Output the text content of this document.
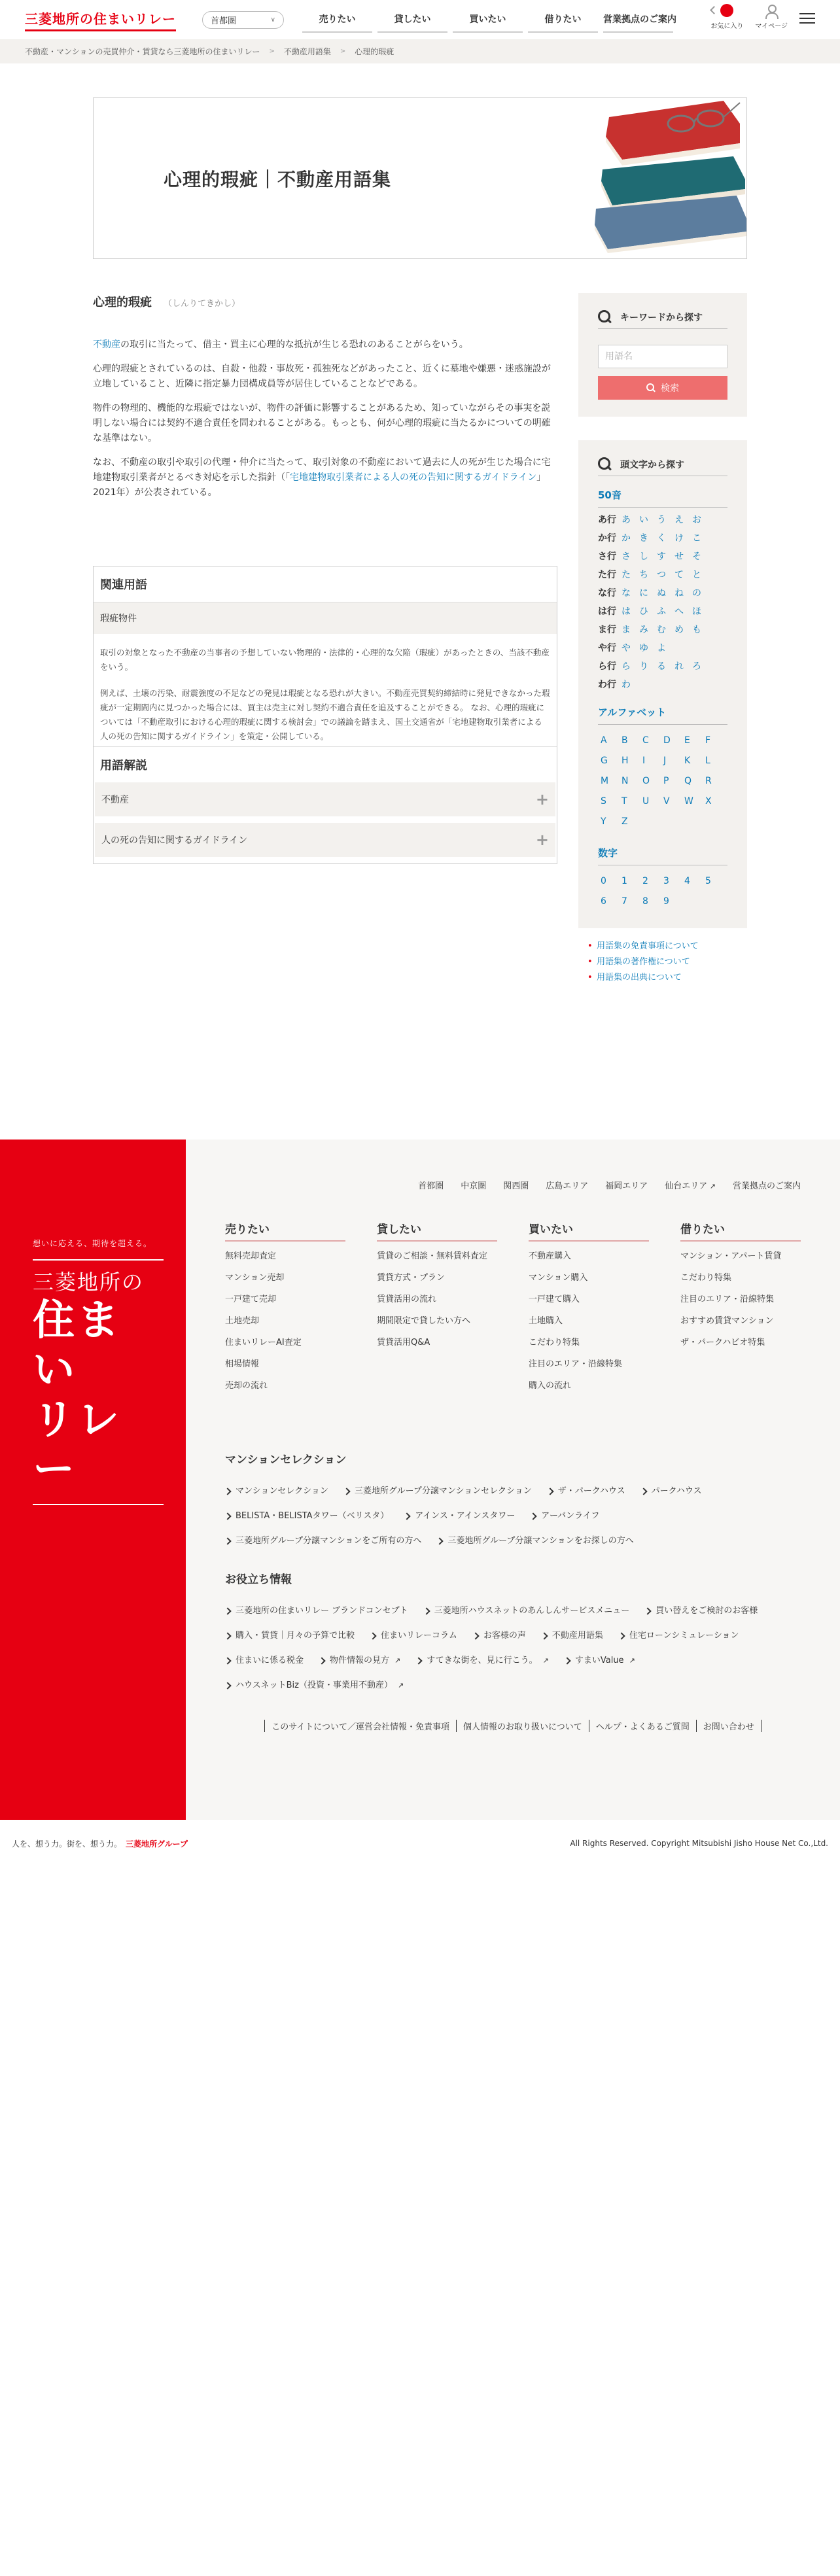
三菱地所の住まいリレー	首都圏	∨	売りたい	貸したい	買いたい	借りたい	営業拠点のご案内
お気に入り マイページ
不動産・マンションの売買仲介・賃貸なら三菱地所の住まいリレー > 不動産用語集 > 心理的瑕疵
心理的瑕疵｜不動産用語集
心理的瑕疵 （しんりてきかし）

不動産の取引に当たって、借主・買主に心理的な抵抗が生じる恐れのあることがらをいう。

心理的瑕疵とされているのは、自殺・他殺・事故死・孤独死などがあったこと、近くに墓地や嫌悪・迷惑施設が立地していること、近隣に指定暴力団構成員等が居住していることなどである。

物件の物理的、機能的な瑕疵ではないが、物件の評価に影響することがあるため、知っていながらその事実を説明しない場合には契約不適合責任を問われることがある。もっとも、何が心理的瑕疵に当たるかについての明確な基準はない。

なお、不動産の取引や取引の代理・仲介に当たって、取引対象の不動産において過去に人の死が生じた場合に宅地建物取引業者がとるべき対応を示した指針（「宅地建物取引業者による人の死の告知に関するガイドライン」2021年）が公表されている。

関連用語
瑕疵物件

取引の対象となった不動産の当事者の予想していない物理的・法律的・心理的な欠陥（瑕疵）があったときの、当該不動産をいう。

例えば、土壌の汚染、耐震強度の不足などの発見は瑕疵となる恐れが大きい。不動産売買契約締結時に発見できなかった瑕疵が一定期間内に見つかった場合には、買主は売主に対し契約不適合責任を追及することができる。 なお、心理的瑕疵については「不動産取引における心理的瑕疵に関する検討会」での議論を踏まえ、国土交通省が「宅地建物取引業者による人の死の告知に関するガイドライン」を策定・公開している。

用語解説
不動産	+
人の死の告知に関するガイドライン	+
キーワードから探す
用語名
検索
頭文字から探す
50音
あ行 あ い う え お
か行 か き く け こ
さ行 さ し す せ そ
た行 た ち つ て と
な行 な に ぬ ね の
は行 は ひ ふ へ ほ
ま行 ま み む め も
や行 や ゆ よ
ら行 ら り る れ ろ
わ行 わ
アルファベット
A	B	C	D	E	F
G	H	I	J	K	L
M	N	O	P	Q	R
S	T	U	V	W	X
Y	Z
数字
0	1	2	3	4	5
6	7	8	9
• 用語集の免責事項について
• 用語集の著作権について
• 用語集の出典について
想いに応える、期待を超える。
三菱地所の
住まい
リレー
首都圏 中京圏 関西圏 広島エリア 福岡エリア 仙台エリア ↗	営業拠点のご案内
売りたい
無料売却査定
マンション売却
一戸建て売却
土地売却
住まいリレーAI査定
相場情報
売却の流れ
貸したい
賃貸のご相談・無料賃料査定
賃貸方式・プラン
賃貸活用の流れ
期間限定で貸したい方へ
賃貸活用Q&A
買いたい
不動産購入
マンション購入
一戸建て購入
土地購入
こだわり特集
注目のエリア・沿線特集
購入の流れ
借りたい
マンション・アパート賃貸
こだわり特集
注目のエリア・沿線特集
おすすめ賃貸マンション
ザ・パークハビオ特集
マンションセレクション
マンションセレクション	三菱地所グループ分譲マンションセレクション	ザ・パークハウス	パークハウス
BELISTA・BELISTAタワー（ベリスタ）	アインス・アインスタワー	アーバンライフ
三菱地所グループ分譲マンションをご所有の方へ	三菱地所グループ分譲マンションをお探しの方へ
お役立ち情報
三菱地所の住まいリレー ブランドコンセプト	三菱地所ハウスネットのあんしんサービスメニュー	買い替えをご検討のお客様
購入・賃貸｜月々の予算で比較	住まいリレーコラム	お客様の声	不動産用語集	住宅ローンシミュレーション
住まいに係る税金	物件情報の見方 ↗	すてきな街を、見に行こう。 ↗	すまいValue ↗
ハウスネットBiz（投資・事業用不動産） ↗
このサイトについて／運営会社情報・免責事項	個人情報のお取り扱いについて	ヘルプ・よくあるご質問	お問い合わせ
人を、想う力。街を、想う力。 三菱地所グループ	All Rights Reserved. Copyright Mitsubishi Jisho House Net Co.,Ltd.
